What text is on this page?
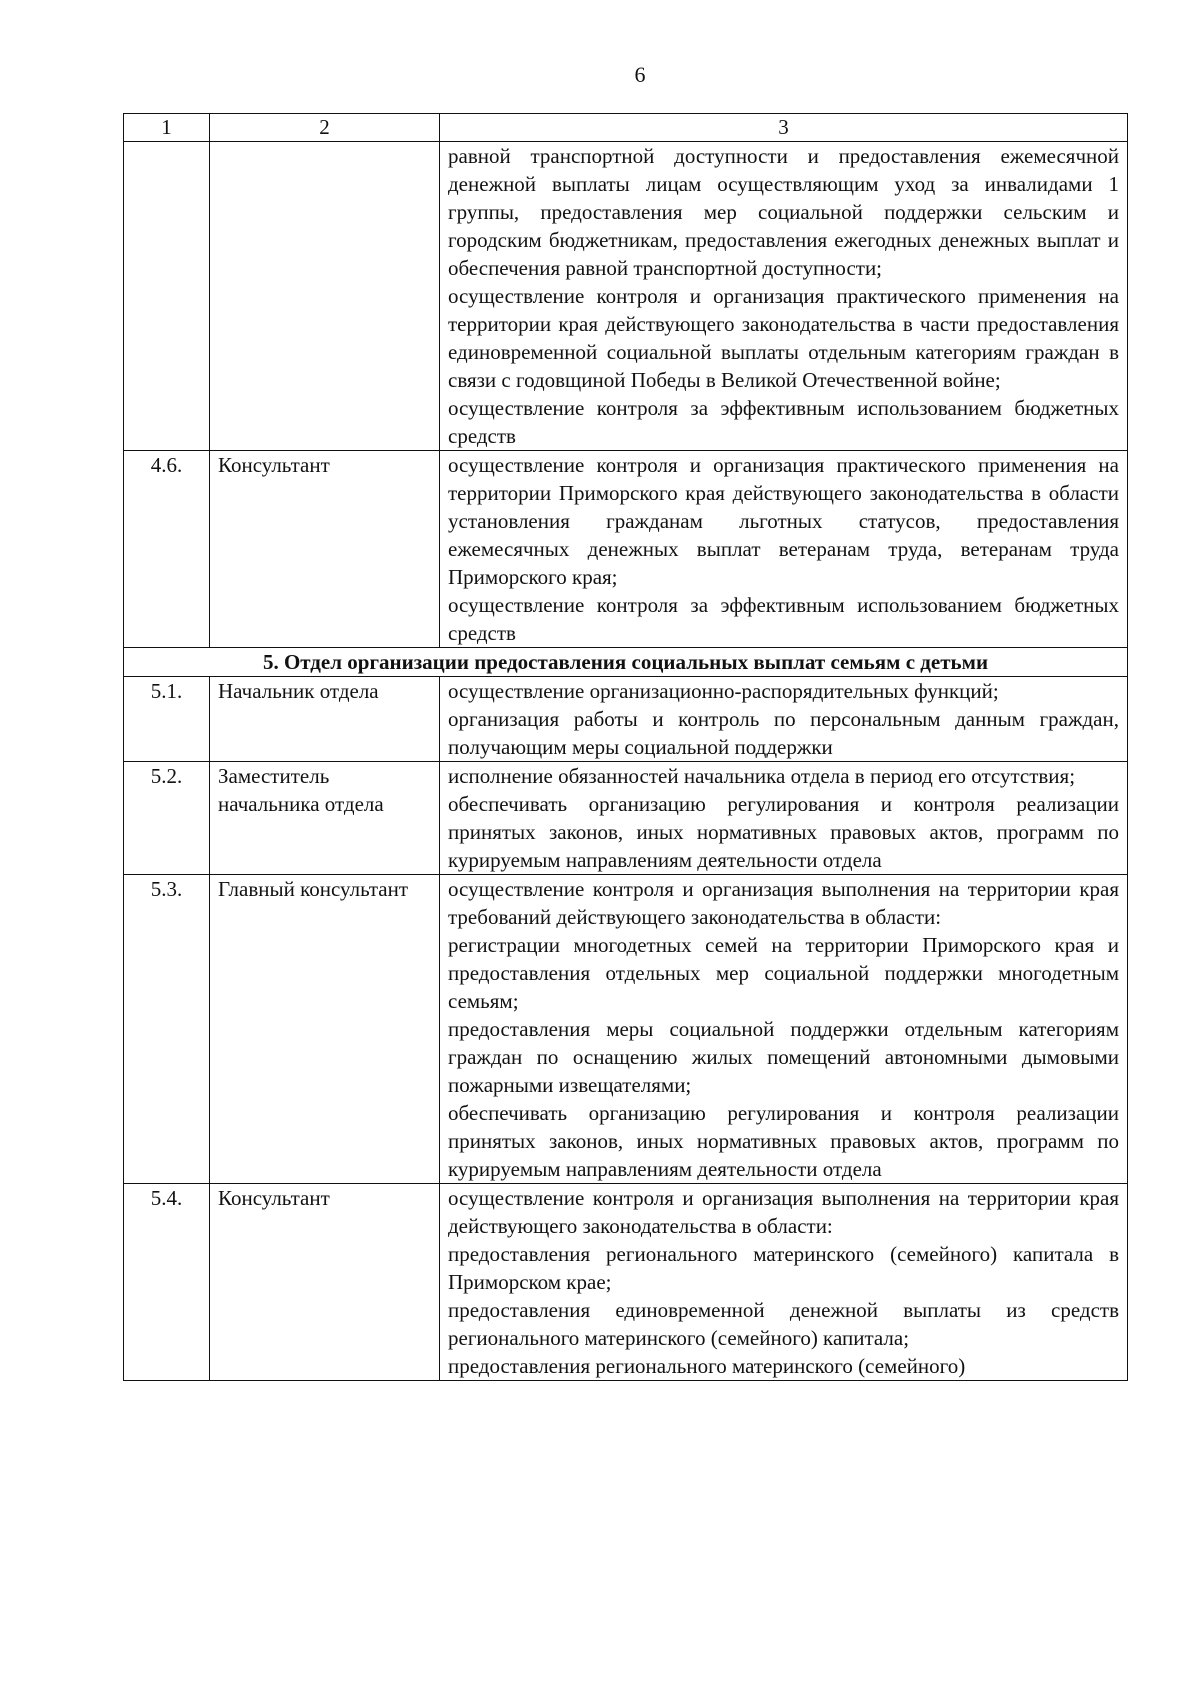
6
1	2	3

		равной транспортной доступности и предоставления ежемесячной денежной выплаты лицам осуществляющим уход за инвалидами 1 группы, предоставления мер социальной поддержки сельским и городским бюджетникам, предоставления ежегодных денежных выплат и обеспечения равной транспортной доступности;

осуществление контроля и организация практического применения на территории края действующего законодательства в части предоставления единовременной социальной выплаты отдельным категориям граждан в связи с годовщиной Победы в Великой Отечественной войне;

осуществление контроля за эффективным использованием бюджетных средств

4.6.	Консультант	осуществление контроля и организация практического применения на территории Приморского края действующего законодательства в области установления гражданам льготных статусов, предоставления ежемесячных денежных выплат ветеранам труда, ветеранам труда Приморского края;

осуществление контроля за эффективным использованием бюджетных средств

5. Отдел организации предоставления социальных выплат семьям с детьми		
5.1.	Начальник отдела	осуществление организационно-распорядительных функций;

организация работы и контроль по персональным данным граждан, получающим меры социальной поддержки

5.2.	Заместитель начальника отдела	исполнение обязанностей начальника отдела в период его отсутствия;

обеспечивать организацию регулирования и контроля реализации принятых законов, иных нормативных правовых актов, программ по курируемым направлениям деятельности отдела

5.3.	Главный консультант	осуществление контроля и организация выполнения на территории края требований действующего законодательства в области:

регистрации многодетных семей на территории Приморского края и предоставления отдельных мер социальной поддержки многодетным семьям;

предоставления меры социальной поддержки отдельным категориям граждан по оснащению жилых помещений автономными дымовыми пожарными извещателями;

обеспечивать организацию регулирования и контроля реализации принятых законов, иных нормативных правовых актов, программ по курируемым направлениям деятельности отдела

5.4.	Консультант	осуществление контроля и организация выполнения на территории края действующего законодательства в области:

предоставления регионального материнского (семейного) капитала в Приморском крае;

предоставления единовременной денежной выплаты из средств регионального материнского (семейного) капитала;

предоставления регионального материнского (семейного)
